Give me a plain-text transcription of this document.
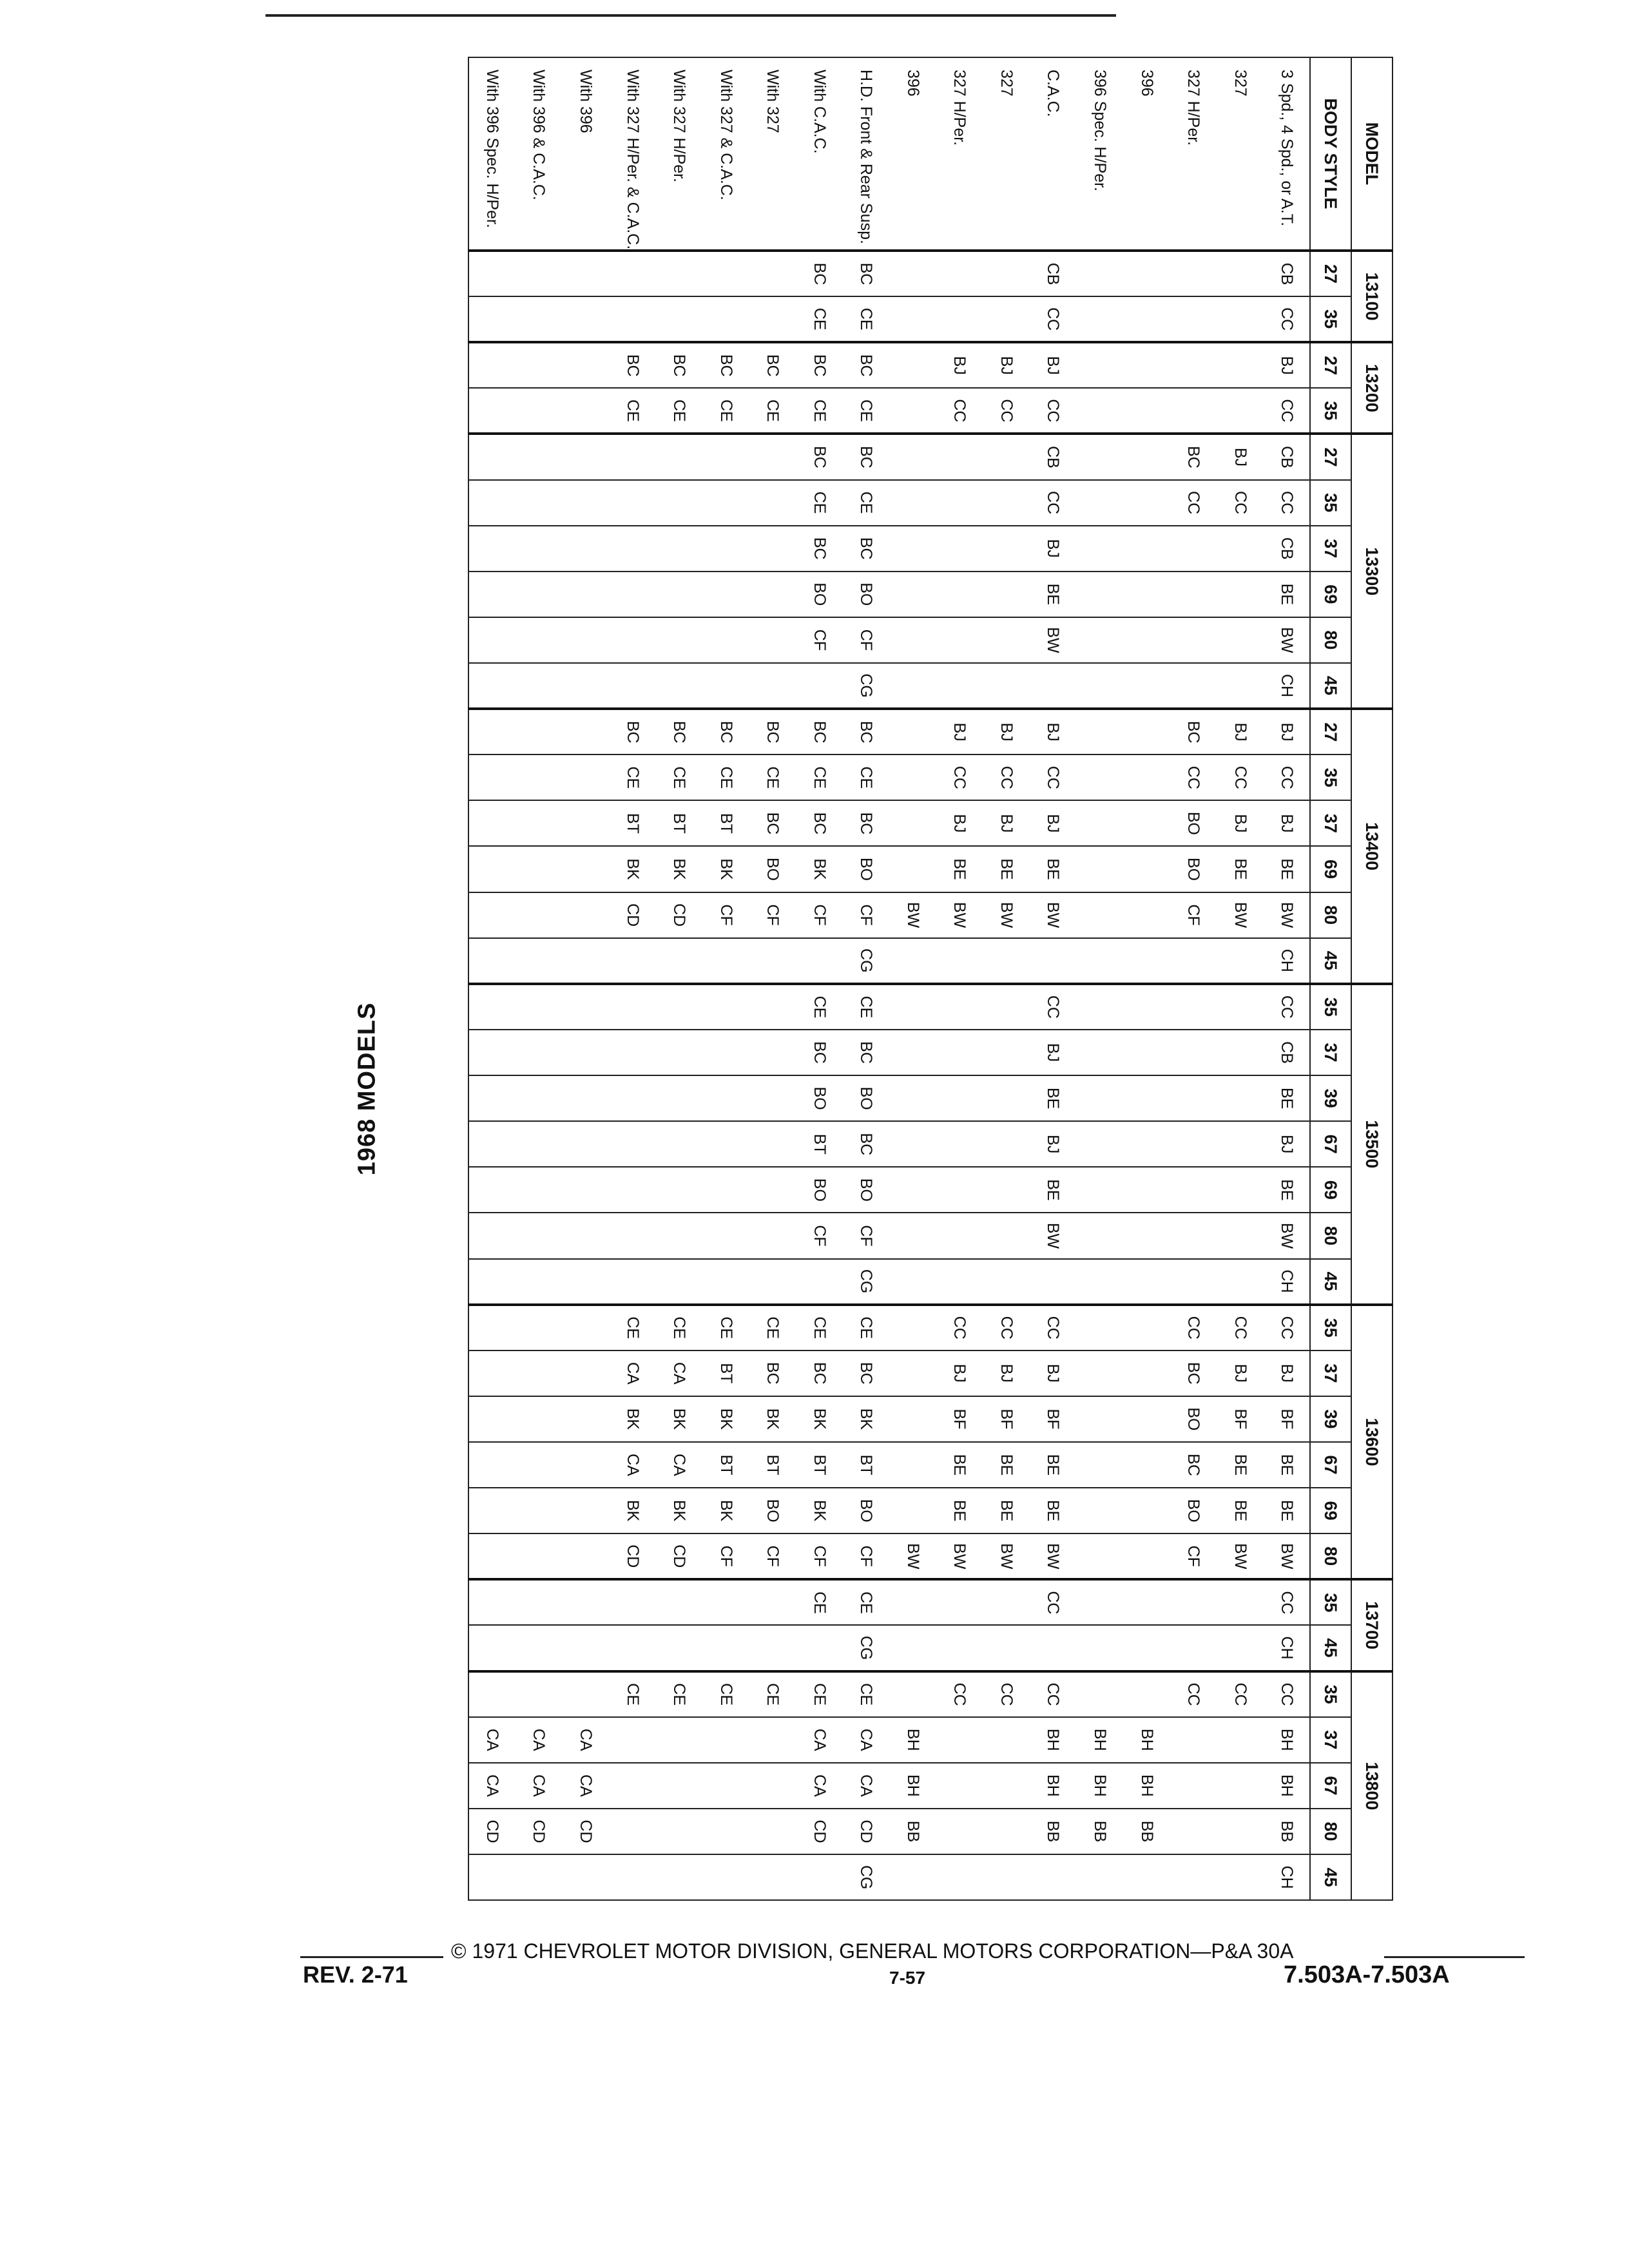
1968 MODELS
MODEL	13100		13200		13300						13400						13500							13600						13700		13800				
BODY STYLE	27	35	27	35	27	35	37	69	80	45	27	35	37	69	80	45	35	37	39	67	69	80	45	35	37	39	67	69	80	35	45	35	37	67	80	45
3 Spd., 4 Spd., or A.T.	CB	CC	BJ	CC	CB	CC	CB	BE	BW	CH	BJ	CC	BJ	BE	BW	CH	CC	CB	BE	BJ	BE	BW	CH	CC	BJ	BF	BE	BE	BW	CC	CH	CC	BH	BH	BB	CH
327					BJ	CC					BJ	CC	BJ	BE	BW									CC	BJ	BF	BE	BE	BW			CC				
327 H/Per.					BC	CC					BC	CC	BO	BO	CF									CC	BC	BO	BC	BO	CF			CC				
396																																	BH	BH	BB	
396 Spec. H/Per.																																	BH	BH	BB	
C.A.C.	CB	CC	BJ	CC	CB	CC	BJ	BE	BW		BJ	CC	BJ	BE	BW		CC	BJ	BE	BJ	BE	BW		CC	BJ	BF	BE	BE	BW	CC		CC	BH	BH	BB	
327			BJ	CC							BJ	CC	BJ	BE	BW									CC	BJ	BF	BE	BE	BW			CC				
327 H/Per.			BJ	CC							BJ	CC	BJ	BE	BW									CC	BJ	BF	BE	BE	BW			CC				
396															BW														BW				BH	BH	BB	
H.D. Front & Rear Susp.	BC	CE	BC	CE	BC	CE	BC	BO	CF	CG	BC	CE	BC	BO	CF	CG	CE	BC	BO	BC	BO	CF	CG	CE	BC	BK	BT	BO	CF	CE	CG	CE	CA	CA	CD	CG
With C.A.C.	BC	CE	BC	CE	BC	CE	BC	BO	CF		BC	CE	BC	BK	CF		CE	BC	BO	BT	BO	CF		CE	BC	BK	BT	BK	CF	CE		CE	CA	CA	CD	
With 327			BC	CE							BC	CE	BC	BO	CF									CE	BC	BK	BT	BO	CF			CE				
With 327 & C.A.C.			BC	CE							BC	CE	BT	BK	CF									CE	BT	BK	BT	BK	CF			CE				
With 327 H/Per.			BC	CE							BC	CE	BT	BK	CD									CE	CA	BK	CA	BK	CD			CE				
With 327 H/Per. & C.A.C.			BC	CE							BC	CE	BT	BK	CD									CE	CA	BK	CA	BK	CD			CE				
With 396																																	CA	CA	CD	
With 396 & C.A.C.																																	CA	CA	CD	
With 396 Spec. H/Per.																																	CA	CA	CD	
© 1971 CHEVROLET MOTOR DIVISION, GENERAL MOTORS CORPORATION—P&A 30A
REV. 2-71	7-57	7.503A-7.503A
